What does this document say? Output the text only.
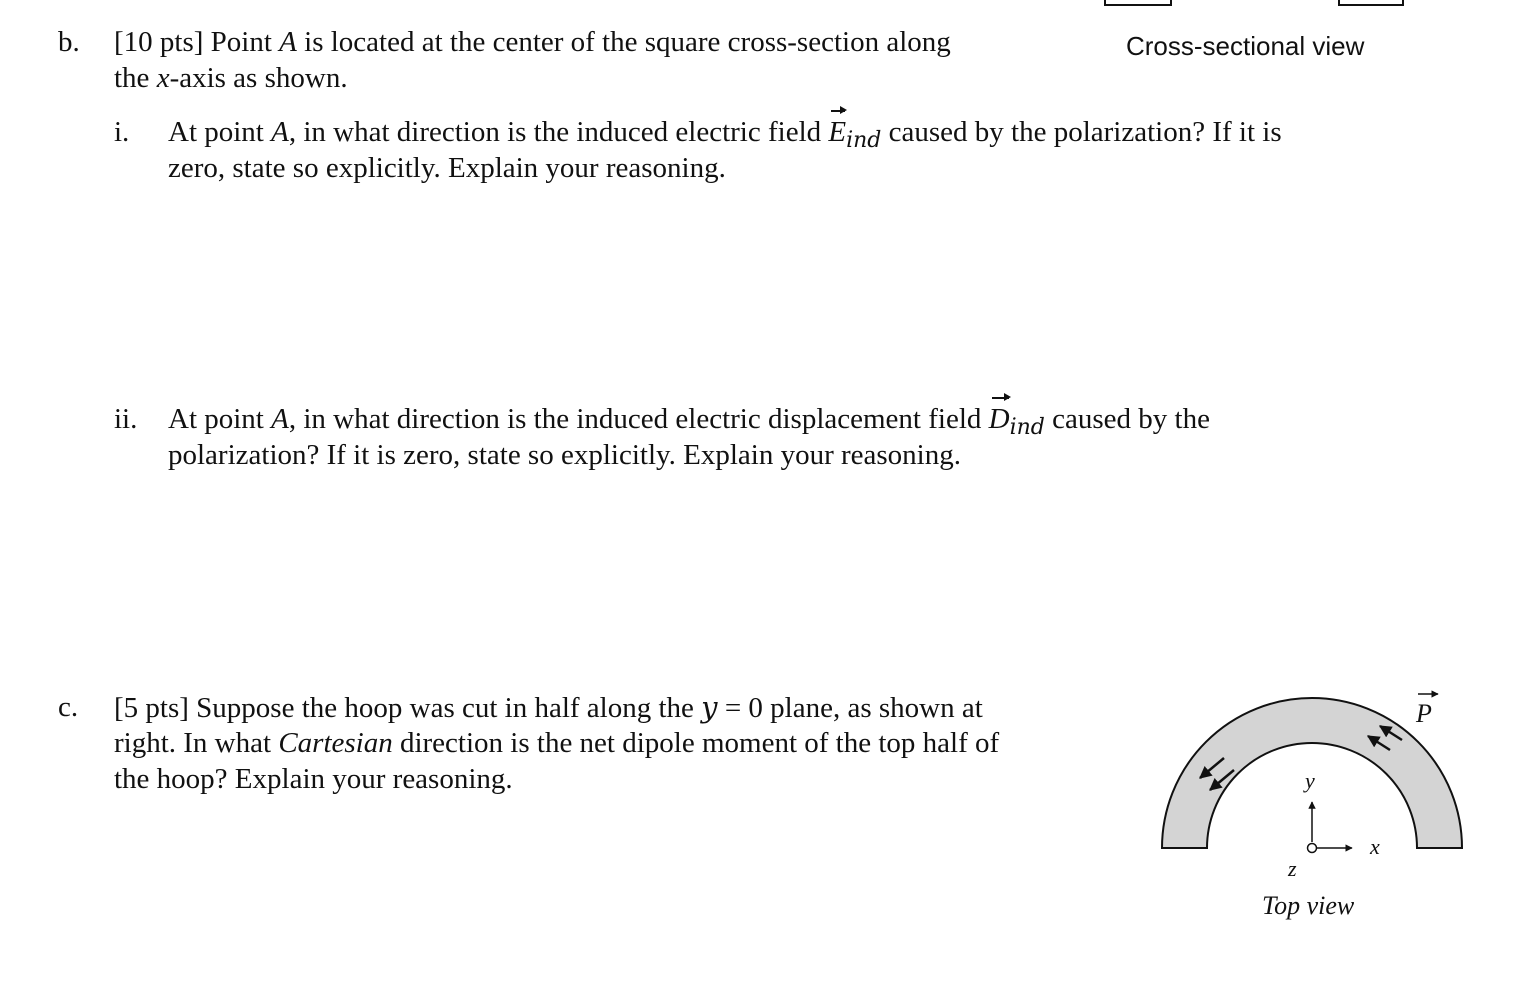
b. [10 pts] Point A is located at the center of the square cross-section along
the x-axis as shown.
Cross-sectional view
i. At point A, in what direction is the induced electric field $E_{ind}$ caused by the polarization? If it is
zero, state so explicitly. Explain your reasoning.
ii. At point A, in what direction is the induced electric displacement field $D_{ind}$ caused by the
polarization? If it is zero, state so explicitly. Explain your reasoning.
c. [5 pts] Suppose the hoop was cut in half along the y = 0 plane, as shown at
right. In what Cartesian direction is the net dipole moment of the top half of
the hoop? Explain your reasoning.
P
y
x
z
Top view
